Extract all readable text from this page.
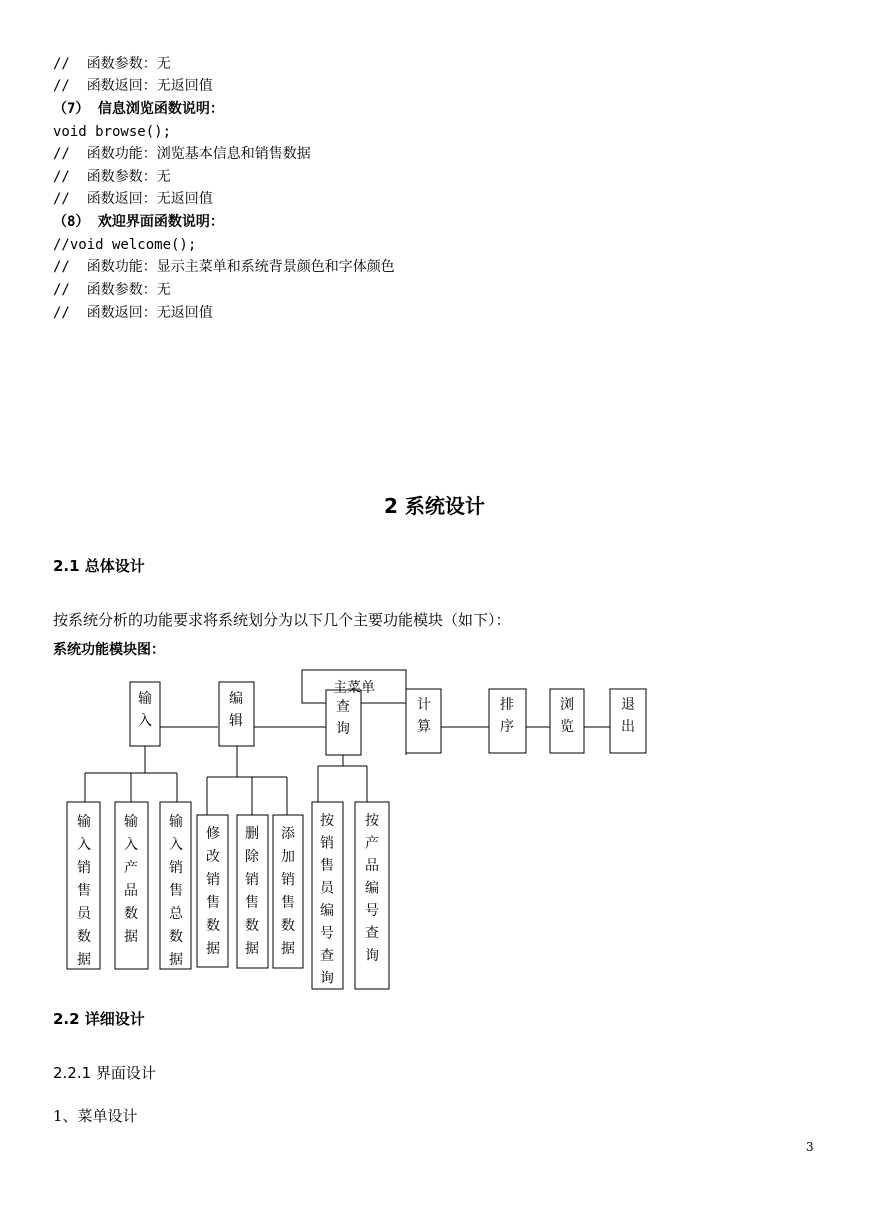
//  函数参数：无
//  函数返回：无返回值
（7） 信息浏览函数说明：
void browse();
//  函数功能：浏览基本信息和销售数据
//  函数参数：无
//  函数返回：无返回值
（8） 欢迎界面函数说明：
//void welcome();
//  函数功能：显示主菜单和系统背景颜色和字体颜色
//  函数参数：无
//  函数返回：无返回值
2 系统设计
2.1 总体设计
按系统分析的功能要求将系统划分为以下几个主要功能模块（如下）：
系统功能模块图：
主菜单
输入
编辑
查询
计算
排序
浏览
退出
输入销售员数据
输入产品数据
输入销售总数据
修改销售数据
删除销售数据
添加销售数据
按销售员编号查询
按产品编号查询
2.2 详细设计
2.2.1 界面设计
1、菜单设计
3
